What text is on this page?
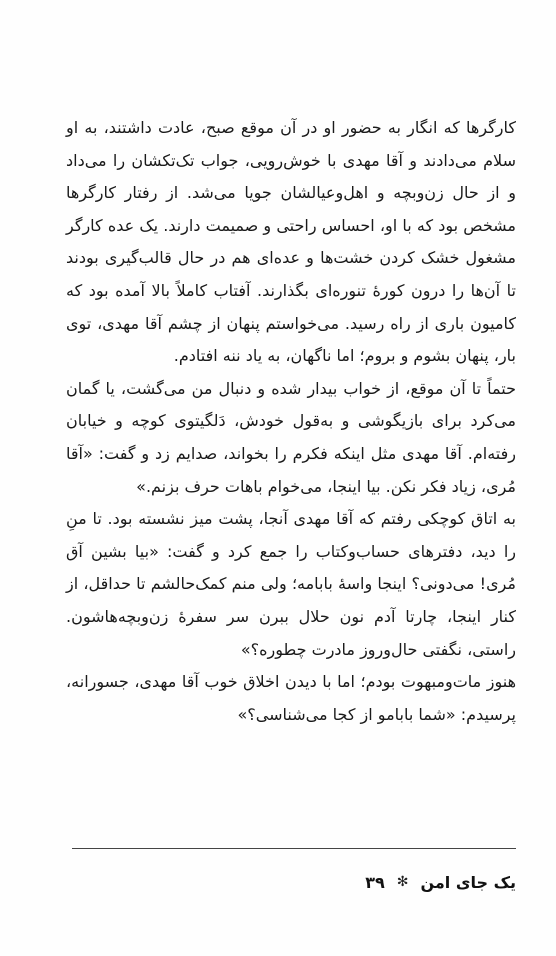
کارگرها که انگار به حضور او در آن موقع صبح، عادت داشتند، به او سلام می‌دادند و آقا مهدی با خوش‌رویی، جواب تک‌تکشان را می‌داد و از حال زن‌وبچه و اهل‌وعیالشان جویا می‌شد. از رفتار کارگرها مشخص بود که با او، احساس راحتی و صمیمت دارند. یک عده کارگر مشغول خشک کردن خشت‌ها و عده‌ای هم در حال قالب‌گیری بودند تا آن‌ها را درون کورهٔ تنوره‌ای بگذارند. آفتاب کاملاً بالا آمده بود که کامیون باری از راه رسید. می‌خواستم پنهان از چشم آقا مهدی، توی بار، پنهان بشوم و بروم؛ اما ناگهان، به یاد ننه افتادم.

حتماً تا آن موقع، از خواب بیدار شده و دنبال من می‌گشت، یا گمان می‌کرد برای بازیگوشی و به‌قول خودش، دَلگیتوی کوچه و خیابان رفته‌ام. آقا مهدی مثل اینکه فکرم را بخواند، صدایم زد و گفت: «آقا مُری، زیاد فکر نکن. بیا اینجا، می‌خوام باهات حرف بزنم.»

به اتاق کوچکی رفتم که آقا مهدی آنجا، پشت میز نشسته بود. تا منِ را دید، دفترهای حساب‌وکتاب را جمع کرد و گفت: «بیا بشین آق مُری! می‌دونی؟ اینجا واسهٔ بابامه؛ ولی منم کمک‌حالشم تا حداقل، از کنار اینجا، چارتا آدم نون حلال ببرن سر سفرهٔ زن‌وبچه‌هاشون. راستی، نگفتی حال‌وروز مادرت چطوره؟»

هنوز مات‌ومبهوت بودم؛ اما با دیدن اخلاق خوب آقا مهدی، جسورانه، پرسیدم: «شما بابامو از کجا می‌شناسی؟»

یک جای امن
✻
۳۹
